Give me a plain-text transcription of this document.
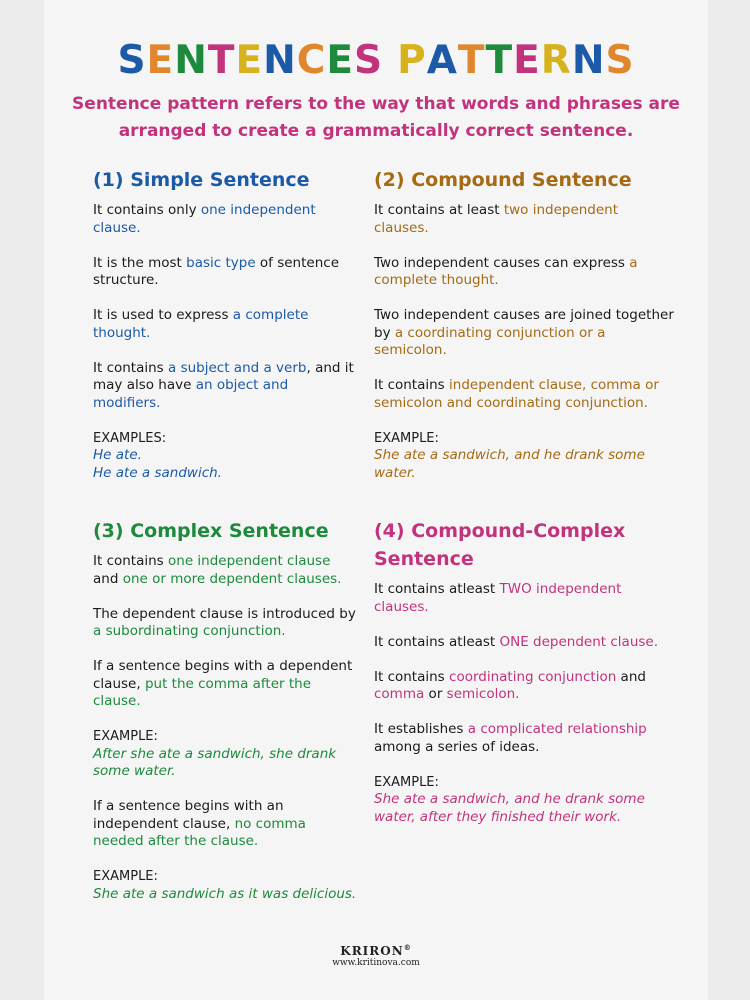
SENTENCES PATTERNS
Sentence pattern refers to the way that words and phrases are arranged to create a grammatically correct sentence.
(1) Simple Sentence

It contains only one independent clause.

It is the most basic type of sentence structure.

It is used to express a complete thought.

It contains a subject and a verb, and it may also have an object and modifiers.

EXAMPLES:

He ate.
He ate a sandwich.

(2) Compound Sentence

It contains at least two independent clauses.

Two independent causes can express a complete thought.

Two independent causes are joined together by a coordinating conjunction or a semicolon.

It contains independent clause, comma or semicolon and coordinating conjunction.

EXAMPLE:

She ate a sandwich, and he drank some water.

(3) Complex Sentence

It contains one independent clause and one or more dependent clauses.

The dependent clause is introduced by a subordinating conjunction.

If a sentence begins with a dependent clause, put the comma after the clause.

EXAMPLE:

After she ate a sandwich, she drank some water.

If a sentence begins with an independent clause, no comma needed after the clause.

EXAMPLE:

She ate a sandwich as it was delicious.

(4) Compound-Complex Sentence

It contains atleast TWO independent clauses.

It contains atleast ONE dependent clause.

It contains coordinating conjunction and comma or semicolon.

It establishes a complicated relationship among a series of ideas.

EXAMPLE:

She ate a sandwich, and he drank some water, after they finished their work.

KRIRON®
www.kritinova.com
